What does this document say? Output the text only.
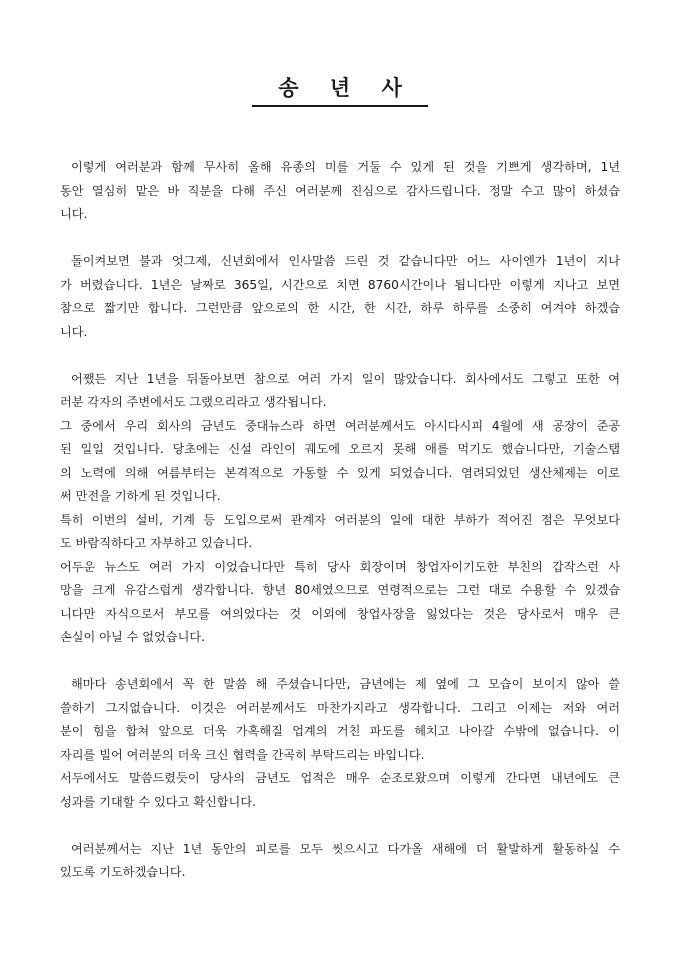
송 년 사
이렇게 여러분과 함께 무사히 올해 유종의 미를 거둘 수 있게 된 것을 기쁘게 생각하며, 1년
동안 열심히 맡은 바 직분을 다해 주신 여러분께 진심으로 감사드립니다. 정말 수고 많이 하셨습
니다.
돌이켜보면 불과 엇그제, 신년회에서 인사말씀 드린 것 같습니다만 어느 사이엔가 1년이 지나
가 버렸습니다. 1년은 날짜로 365일, 시간으로 치면 8760시간이나 됩니다만 이렇게 지나고 보면
참으로 짧기만 합니다. 그런만큼 앞으로의 한 시간, 한 시간, 하루 하루를 소중히 여겨야 하겠습
니다.
어쨌든 지난 1년을 뒤돌아보면 참으로 여러 가지 일이 많았습니다. 회사에서도 그렇고 또한 여
러분 각자의 주변에서도 그랬으리라고 생각됩니다.
그 중에서 우리 회사의 금년도 중대뉴스라 하면 여러분께서도 아시다시피 4월에 새 공장이 준공
된 일일 것입니다. 당초에는 신설 라인이 궤도에 오르지 못해 애를 먹기도 했습니다만, 기술스탭
의 노력에 의해 여름부터는 본격적으로 가동할 수 있게 되었습니다. 염려되었던 생산체제는 이로
써 만전을 기하게 된 것입니다.
특히 이번의 설비, 기계 등 도입으로써 관계자 여러분의 일에 대한 부하가 적어진 점은 무엇보다
도 바람직하다고 자부하고 있습니다.
어두운 뉴스도 여러 가지 이었습니다만 특히 당사 회장이며 창업자이기도한 부친의 갑작스런 사
망을 크게 유감스럽게 생각합니다. 향년 80세였으므로 연령적으로는 그런 대로 수용할 수 있겠습
니다만 자식으로서 부모를 여의었다는 것 이외에 창업사장을 잃었다는 것은 당사로서 매우 큰
손실이 아닐 수 없었습니다.
해마다 송년회에서 꼭 한 말씀 해 주셨습니다만, 금년에는 제 옆에 그 모습이 보이지 않아 쓸
쓸하기 그지없습니다. 이것은 여러분께서도 마찬가지라고 생각합니다. 그리고 이제는 저와 여러
분이 힘을 합쳐 앞으로 더욱 가혹해질 업계의 거친 파도를 헤치고 나아갈 수밖에 없습니다. 이
자리를 빌어 여러분의 더욱 크신 협력을 간곡히 부탁드리는 바입니다.
서두에서도 말씀드렸듯이 당사의 금년도 업적은 매우 순조로왔으며 이렇게 간다면 내년에도 큰
성과를 기대할 수 있다고 확신합니다.
여러분께서는 지난 1년 동안의 피로를 모두 씻으시고 다가올 새해에 더 활발하게 활동하실 수
있도록 기도하겠습니다.
